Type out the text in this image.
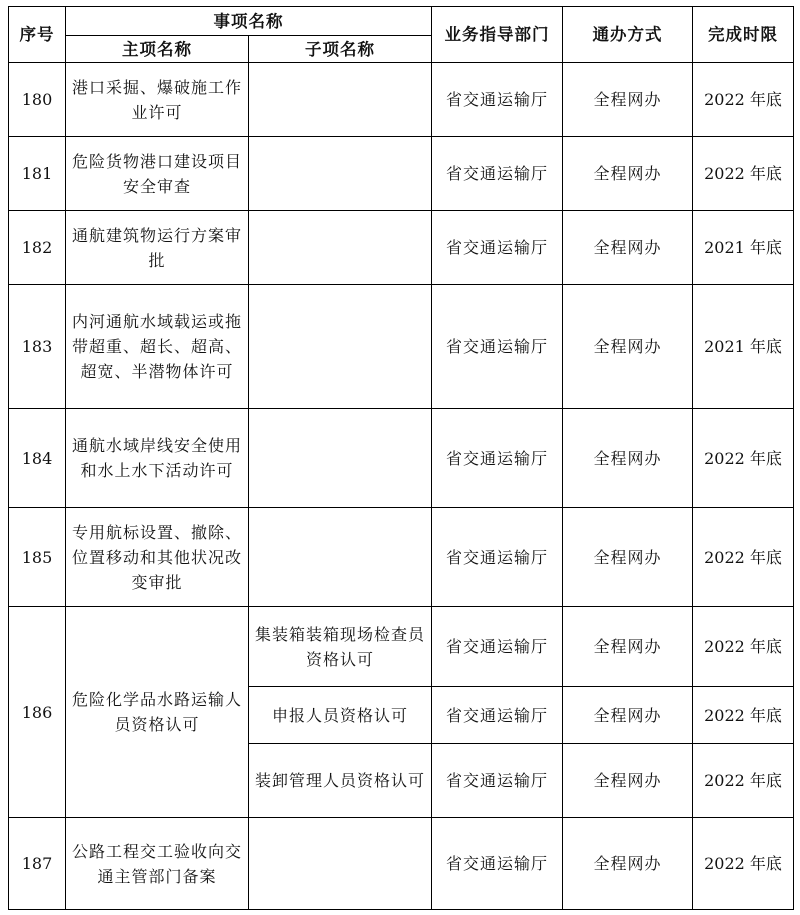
序号	事项名称		业务指导部门	通办方式	完成时限
	主项名称	子项名称			
180	港口采掘、爆破施工作业许可		省交通运输厅	全程网办	2022 年底
181	危险货物港口建设项目安全审查		省交通运输厅	全程网办	2022 年底
182	通航建筑物运行方案审批		省交通运输厅	全程网办	2021 年底
183	内河通航水域载运或拖带超重、超长、超高、超宽、半潜物体许可		省交通运输厅	全程网办	2021 年底
184	通航水域岸线安全使用和水上水下活动许可		省交通运输厅	全程网办	2022 年底
185	专用航标设置、撤除、位置移动和其他状况改变审批		省交通运输厅	全程网办	2022 年底
186	危险化学品水路运输人员资格认可	集装箱装箱现场检查员资格认可	省交通运输厅	全程网办	2022 年底
		申报人员资格认可	省交通运输厅	全程网办	2022 年底
		装卸管理人员资格认可	省交通运输厅	全程网办	2022 年底
187	公路工程交工验收向交通主管部门备案		省交通运输厅	全程网办	2022 年底
